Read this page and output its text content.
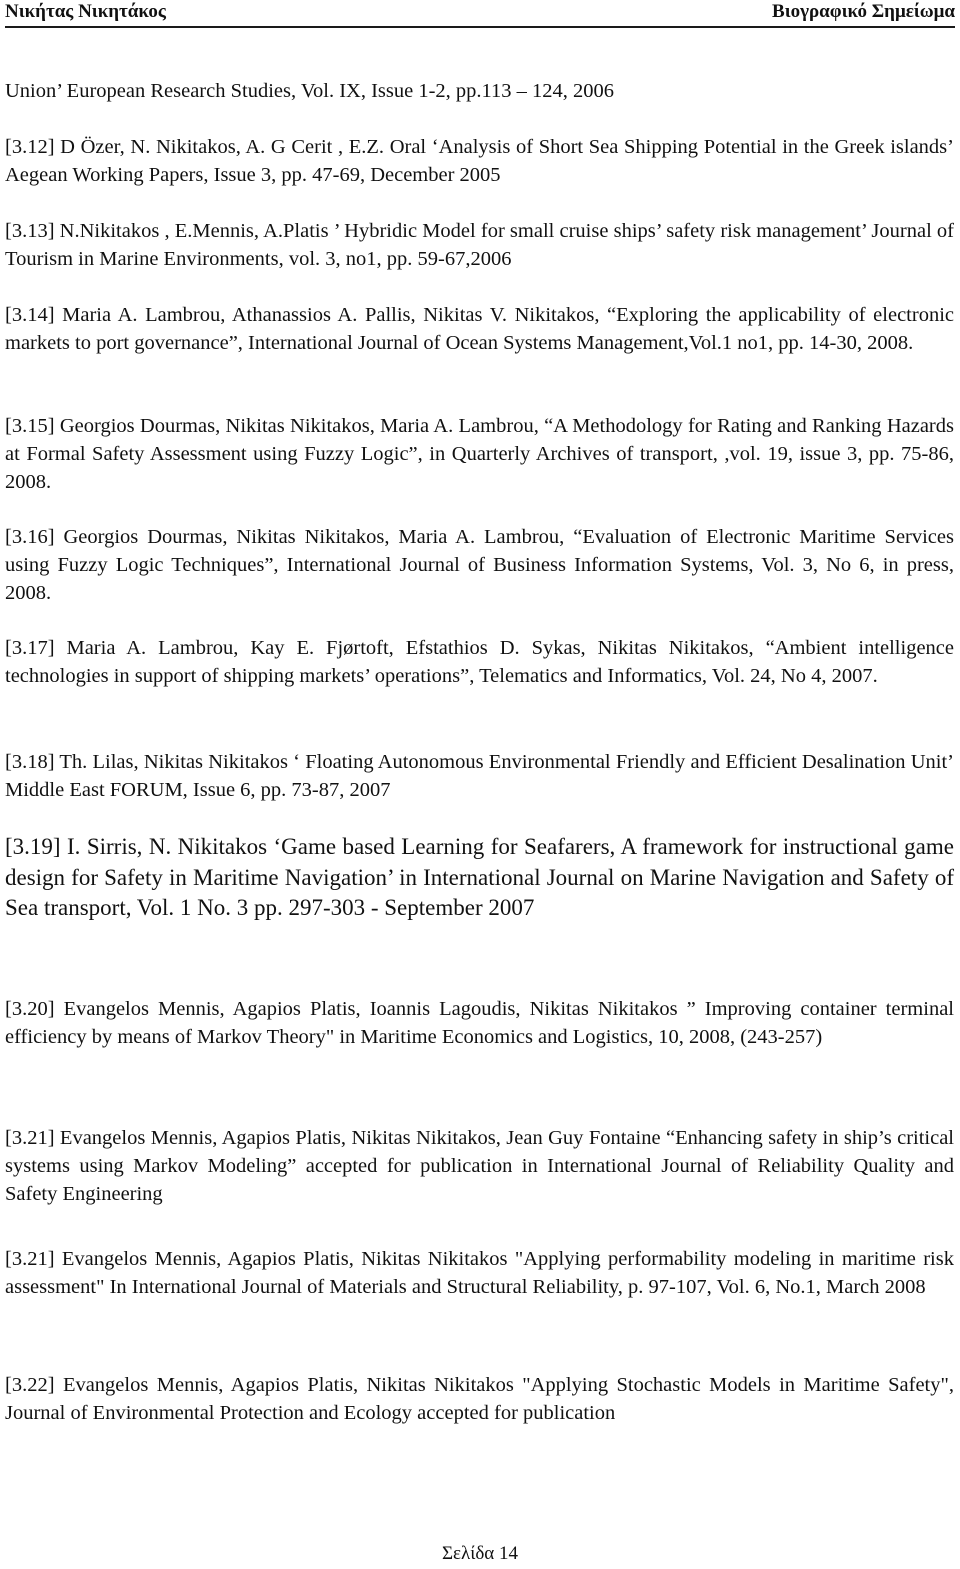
Νικήτας Νικητάκος	Βιογραφικό Σημείωμα
Union’ European Research Studies, Vol. IX, Issue 1-2, pp.113 – 124, 2006
[3.12] D Özer, N. Nikitakos, A. G Cerit , E.Z. Oral ‘Analysis of Short Sea Shipping Potential in the Greek islands’ Aegean Working Papers, Issue 3, pp. 47-69, December 2005
[3.13] N.Nikitakos , E.Mennis, A.Platis ’ Hybridic Model for small cruise ships’ safety risk management’ Journal of Tourism in Marine Environments, vol. 3, no1, pp. 59-67,2006
[3.14] Maria A. Lambrou, Athanassios A. Pallis, Nikitas V. Nikitakos, “Exploring the applicability of electronic markets to port governance”, International Journal of Ocean Systems Management,Vol.1 no1, pp. 14-30, 2008.
[3.15] Georgios Dourmas, Nikitas Nikitakos, Maria A. Lambrou, “A Methodology for Rating and Ranking Hazards at Formal Safety Assessment using Fuzzy Logic”, in Quarterly Archives of transport, ,vol. 19, issue 3, pp. 75-86, 2008.
[3.16] Georgios Dourmas, Nikitas Nikitakos, Maria A. Lambrou, “Evaluation of Electronic Maritime Services using Fuzzy Logic Techniques”, International Journal of Business Information Systems, Vol. 3, No 6, in press, 2008.
[3.17] Maria A. Lambrou, Kay E. Fjørtoft, Efstathios D. Sykas, Nikitas Nikitakos, “Ambient intelligence technologies in support of shipping markets’ operations”, Telematics and Informatics, Vol. 24, No 4, 2007.
[3.18] Th. Lilas, Nikitas Nikitakos ‘ Floating Autonomous Environmental Friendly and Efficient Desalination Unit’ Middle East FORUM, Issue 6, pp. 73-87, 2007
[3.19] I. Sirris, N. Nikitakos ‘Game based Learning for Seafarers, A framework for instructional game design for Safety in Maritime Navigation’ in International Journal on Marine Navigation and Safety of Sea transport, Vol. 1 No. 3 pp. 297-303 - September 2007
[3.20] Evangelos Mennis, Agapios Platis, Ioannis Lagoudis, Nikitas Nikitakos ” Improving container terminal efficiency by means of Markov Theory" in Maritime Economics and Logistics, 10, 2008, (243-257)
[3.21] Evangelos Mennis, Agapios Platis, Nikitas Nikitakos, Jean Guy Fontaine “Enhancing safety in ship’s critical systems using Markov Modeling” accepted for publication in International Journal of Reliability Quality and Safety Engineering
[3.21] Evangelos Mennis, Agapios Platis, Nikitas Nikitakos "Applying performability modeling in maritime risk assessment" In International Journal of Materials and Structural Reliability, p. 97-107, Vol. 6, No.1, March 2008
[3.22] Evangelos Mennis, Agapios Platis, Nikitas Nikitakos "Applying Stochastic Models in Maritime Safety", Journal of Environmental Protection and Ecology accepted for publication
Σελίδα 14
